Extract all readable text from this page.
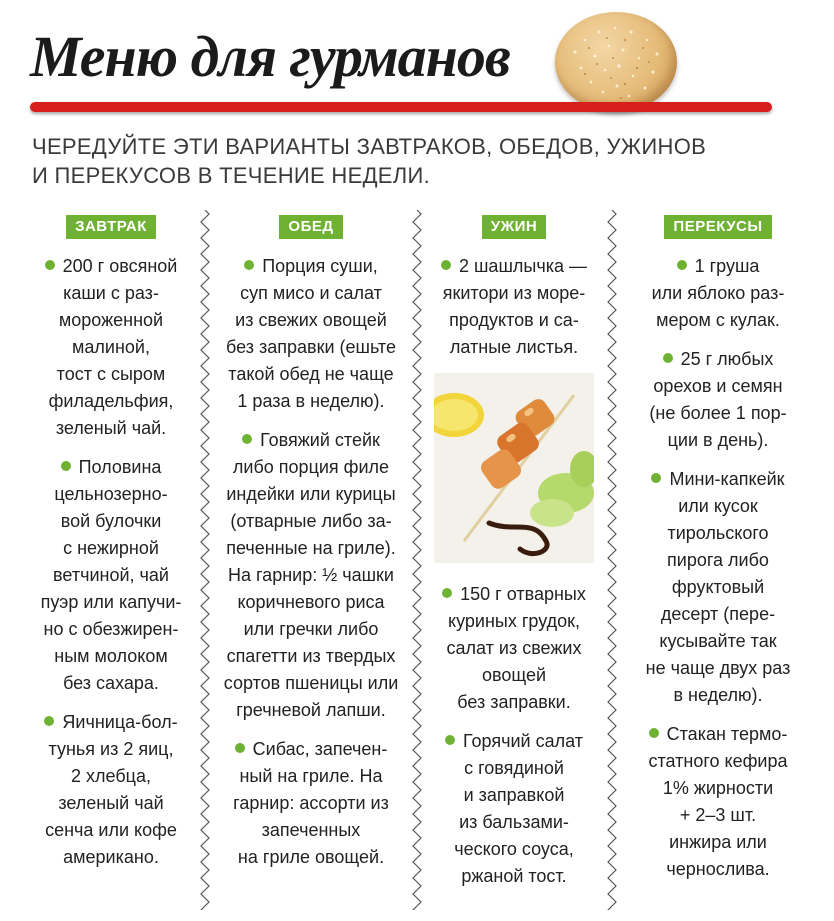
Меню для гурманов

ЧЕРЕДУЙТЕ ЭТИ ВАРИАНТЫ ЗАВТРАКОВ, ОБЕДОВ, УЖИНОВ
И ПЕРЕКУСОВ В ТЕЧЕНИЕ НЕДЕЛИ.

ЗАВТРАК

200 г овсяной
каши с раз-
мороженной
малиной,
тост с сыром
филадельфия,
зеленый чай.

Половина
цельнозерно-
вой булочки
с нежирной
ветчиной, чай
пуэр или капучи-
но с обезжирен-
ным молоком
без сахара.

Яичница-бол-
тунья из 2 яиц,
2 хлебца,
зеленый чай
сенча или кофе
американо.

ОБЕД

Порция суши,
суп мисо и салат
из свежих овощей
без заправки (ешьте
такой обед не чаще
1 раза в неделю).

Говяжий стейк
либо порция филе
индейки или курицы
(отварные либо за-
печенные на гриле).
На гарнир: ½ чашки
коричневого риса
или гречки либо
спагетти из твердых
сортов пшеницы или
гречневой лапши.

Сибас, запечен-
ный на гриле. На
гарнир: ассорти из
запеченных
на гриле овощей.

УЖИН

2 шашлычка —
якитори из море-
продуктов и са-
латные листья.

150 г отварных
куриных грудок,
салат из свежих
овощей
без заправки.

Горячий салат
с говядиной
и заправкой
из бальзами-
ческого соуса,
ржаной тост.

ПЕРЕКУСЫ

1 груша
или яблоко раз-
мером с кулак.

25 г любых
орехов и семян
(не более 1 пор-
ции в день).

Мини-капкейк
или кусок
тирольского
пирога либо
фруктовый
десерт (пере-
кусывайте так
не чаще двух раз
в неделю).

Стакан термо-
статного кефира
1% жирности
+ 2–3 шт.
инжира или
чернослива.
